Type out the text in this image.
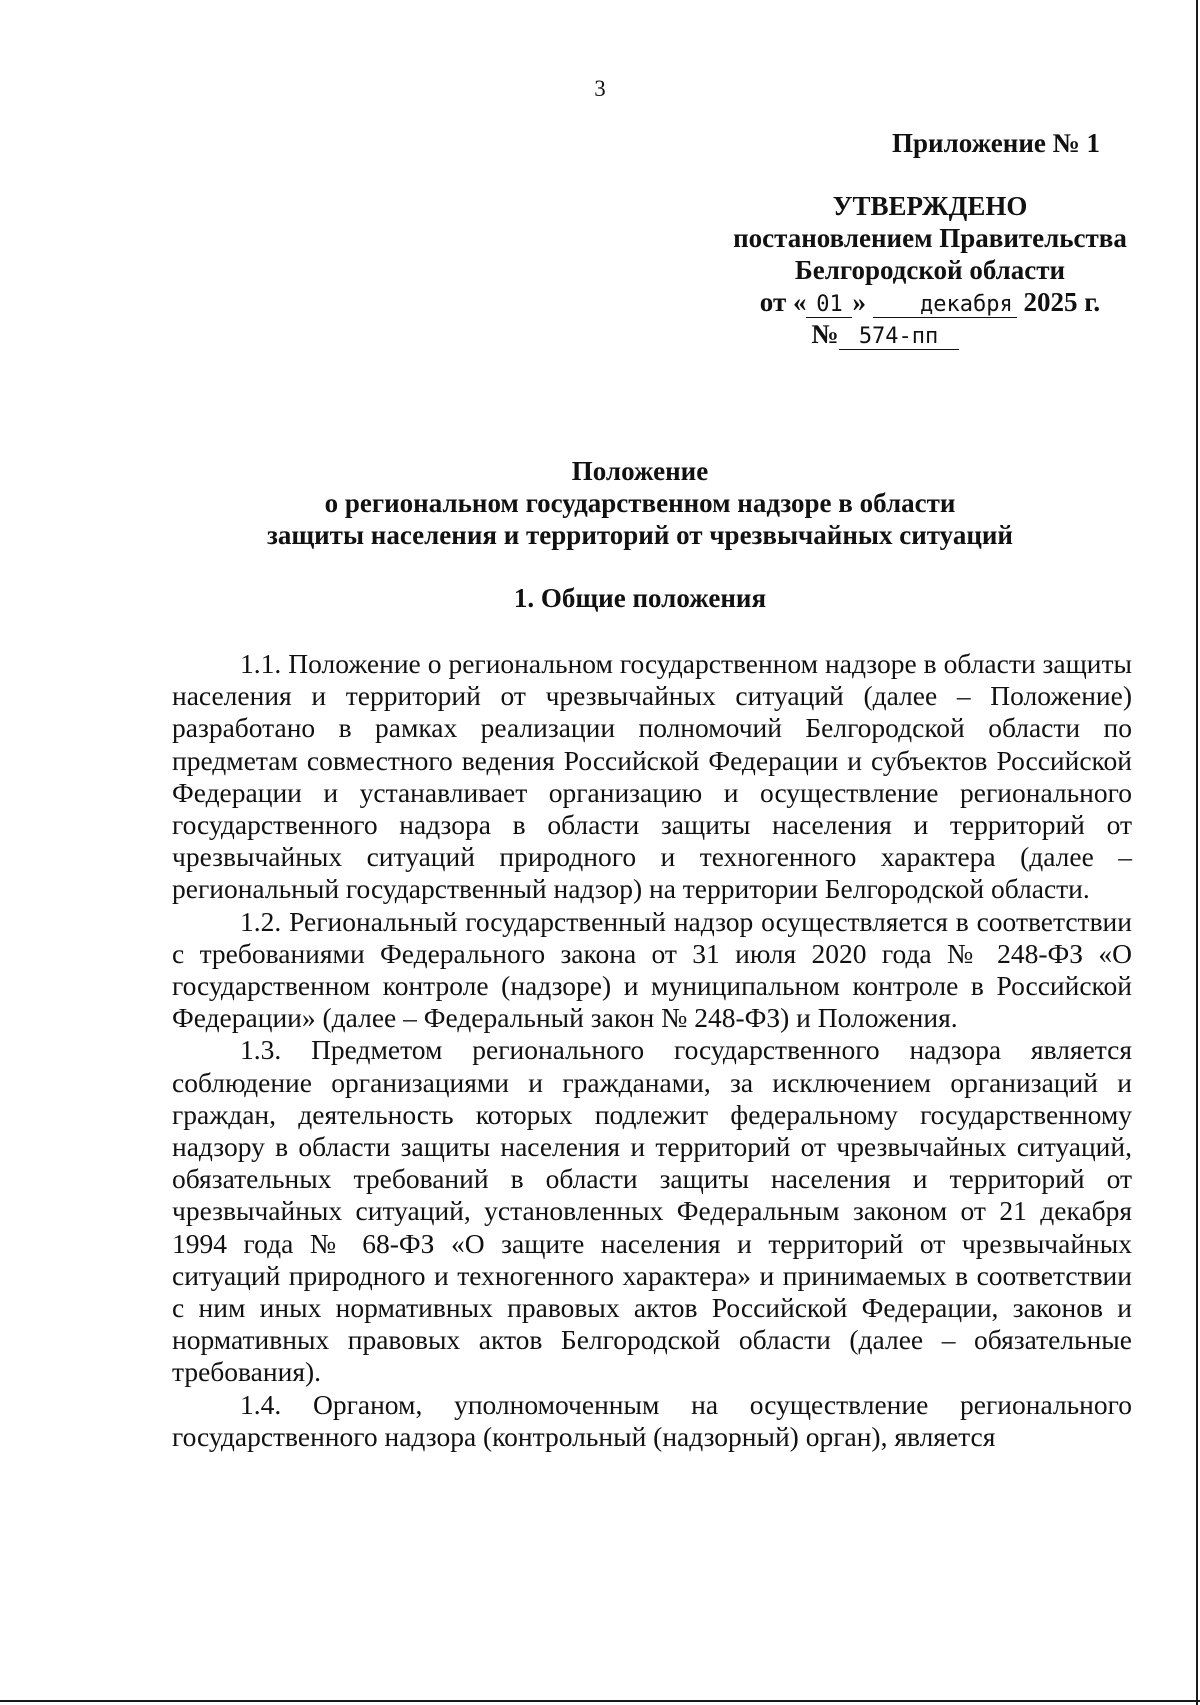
3
Приложение № 1
УТВЕРЖДЕНО
постановлением Правительства
Белгородской области
от « 01 » декабря 2025 г.
№ 574-пп
Положение
о региональном государственном надзоре в области
защиты населения и территорий от чрезвычайных ситуаций
1. Общие положения

1.1. Положение о региональном государственном надзоре в области защиты населения и территорий от чрезвычайных ситуаций (далее – Положение) разработано в рамках реализации полномочий Белгородской области по предметам совместного ведения Российской Федерации и субъектов Российской Федерации и устанавливает организацию и осуществление регионального государственного надзора в области защиты населения и территорий от чрезвычайных ситуаций природного и техногенного характера (далее – региональный государственный надзор) на территории Белгородской области.

1.2. Региональный государственный надзор осуществляется в соответствии с требованиями Федерального закона от 31 июля 2020 года № 248-ФЗ «О государственном контроле (надзоре) и муниципальном контроле в Российской Федерации» (далее – Федеральный закон № 248-ФЗ) и Положения.

1.3. Предметом регионального государственного надзора является соблюдение организациями и гражданами, за исключением организаций и граждан, деятельность которых подлежит федеральному государственному надзору в области защиты населения и территорий от чрезвычайных ситуаций, обязательных требований в области защиты населения и территорий от чрезвычайных ситуаций, установленных Федеральным законом от 21 декабря 1994 года № 68-ФЗ «О защите населения и территорий от чрезвычайных ситуаций природного и техногенного характера» и принимаемых в соответствии с ним иных нормативных правовых актов Российской Федерации, законов и нормативных правовых актов Белгородской области (далее – обязательные требования).

1.4. Органом, уполномоченным на осуществление регионального государственного надзора (контрольный (надзорный) орган), является
